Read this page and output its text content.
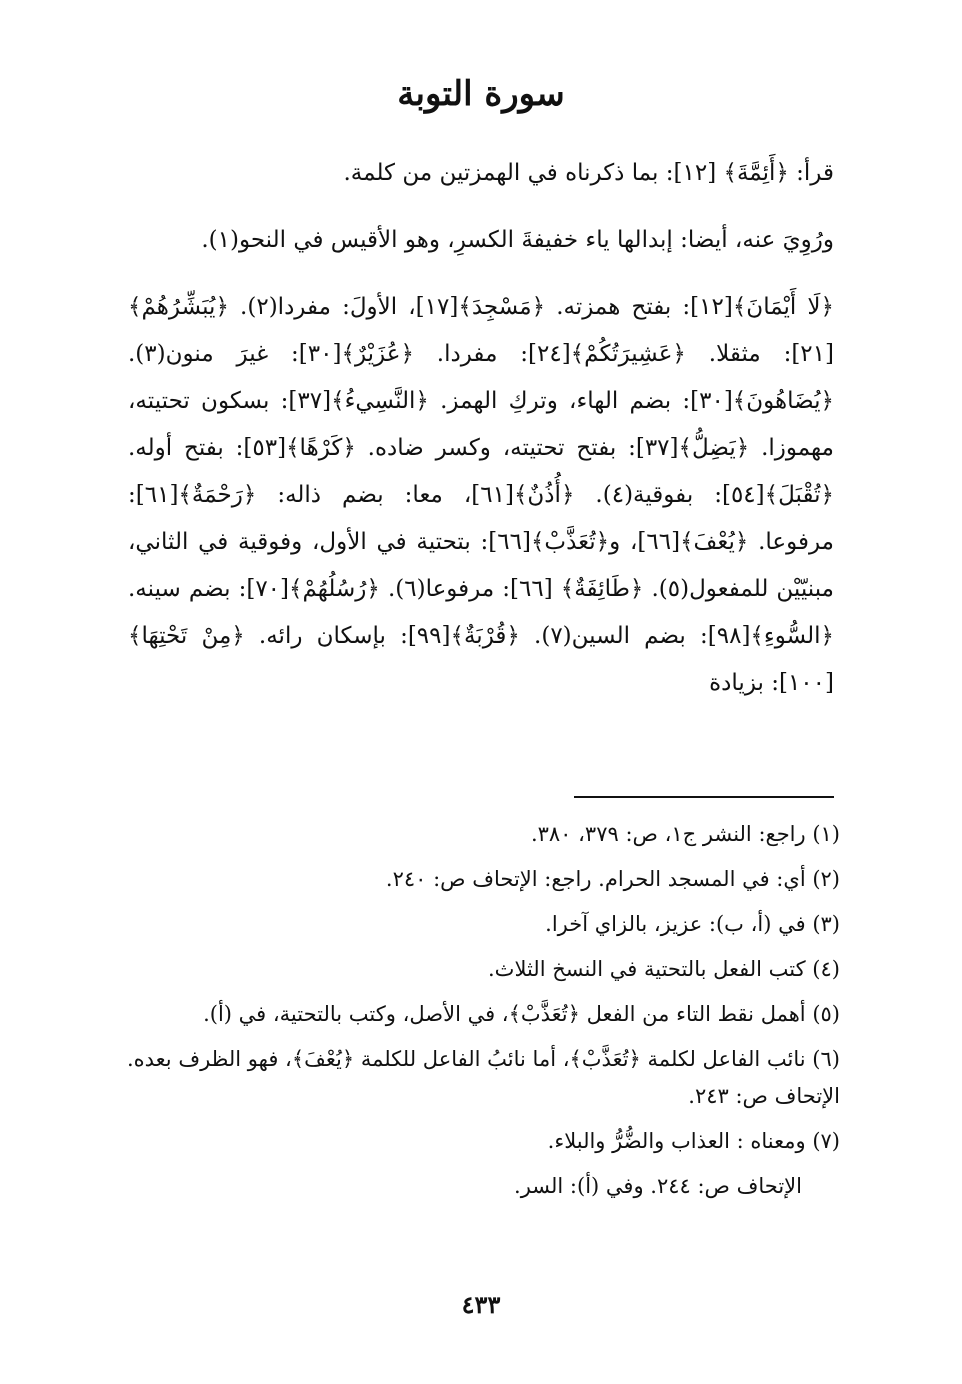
سورة التوبة

قرأ: ﴿أَئِمَّةَ﴾ [١٢]: بما ذكرناه في الهمزتين من كلمة.

ورُوِيَ عنه، أيضا: إبدالها ياء خفيفةَ الكسرِ، وهو الأقيس في النحو(١).

﴿لَا أَيْمَانَ﴾[١٢]: بفتح همزته. ﴿مَسْجِدَ﴾[١٧]، الأولَ: مفردا(٢). ﴿يُبَشِّرُهُمْ﴾[٢١]: مثقلا. ﴿عَشِيرَتُكُمْ﴾[٢٤]: مفردا. ﴿عُزَيْرٌ﴾[٣٠]: غيرَ منون(٣). ﴿يُضَاهُونَ﴾[٣٠]: بضم الهاء، وتركِ الهمز. ﴿النَّسِيءُ﴾[٣٧]: بسكون تحتيته، مهموزا. ﴿يَضِلُّ﴾[٣٧]: بفتح تحتيته، وكسر ضاده. ﴿كَرْهًا﴾[٥٣]: بفتح أوله. ﴿تُقْبَلَ﴾[٥٤]: بفوقية(٤). ﴿أُذُنٌ﴾[٦١]، معا: بضم ذاله: ﴿رَحْمَةٌ﴾[٦١]: مرفوعا. ﴿يُعْفَ﴾[٦٦]، و﴿تُعَذَّبْ﴾[٦٦]: بتحتية في الأول، وفوقية في الثاني، مبنيّيْن للمفعول(٥). ﴿طَائِفَةٌ﴾ [٦٦]: مرفوعا(٦). ﴿رُسُلُهُمْ﴾[٧٠]: بضم سينه. ﴿السُّوءِ﴾[٩٨]: بضم السين(٧). ﴿قُرْبَةٌ﴾[٩٩]: بإسكان رائه. ﴿مِنْ تَحْتِهَا﴾[١٠٠]: بزيادة

(١) راجع: النشر ج١، ص: ٣٧٩، ٣٨٠.

(٢) أي: في المسجد الحرام. راجع: الإتحاف ص: ٢٤٠.

(٣) في (أ، ب): عزيز، بالزاي آخرا.

(٤) كتب الفعل بالتحتية في النسخ الثلاث.

(٥) أهمل نقط التاء من الفعل ﴿تُعَذَّبْ﴾، في الأصل، وكتب بالتحتية، في (أ).

(٦) نائب الفاعل لكلمة ﴿تُعَذَّبْ﴾، أما نائبُ الفاعل للكلمة ﴿يُعْفَ﴾، فهو الظرف بعده. الإتحاف ص: ٢٤٣.

(٧) ومعناه : العذاب والضُّرُّ والبلاء.

الإتحاف ص: ٢٤٤. وفي (أ): السر.

٤٣٣
